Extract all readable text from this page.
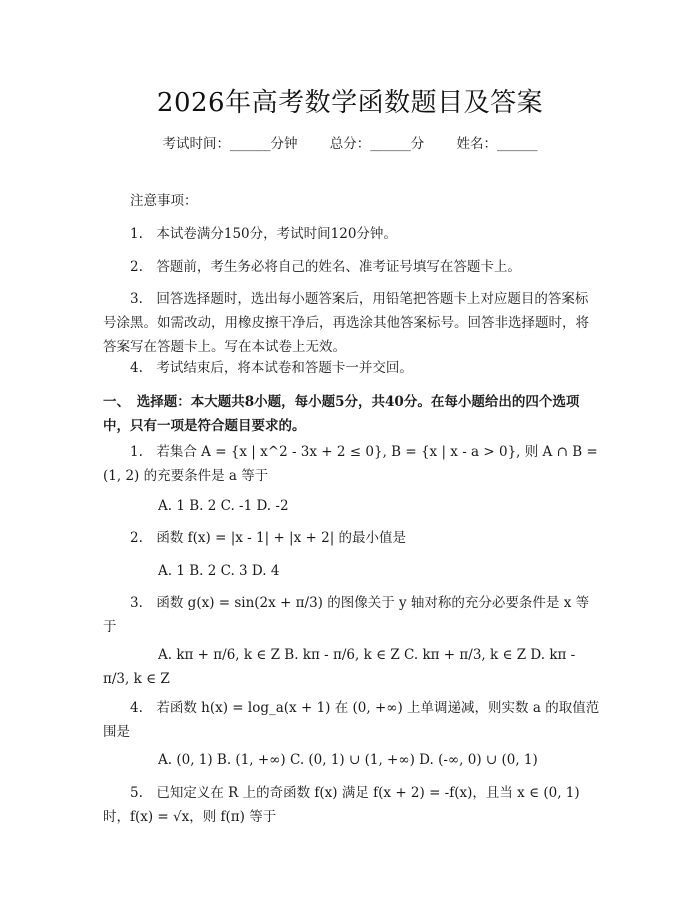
2026年高考数学函数题目及答案
考试时间：______分钟 总分：______分 姓名：______
注意事项：
1.　本试卷满分150分，考试时间120分钟。
2.　答题前，考生务必将自己的姓名、准考证号填写在答题卡上。
3.　回答选择题时，选出每小题答案后，用铅笔把答题卡上对应题目的答案标号涂黑。如需改动，用橡皮擦干净后，再选涂其他答案标号。回答非选择题时，将答案写在答题卡上。写在本试卷上无效。
4.　考试结束后，将本试卷和答题卡一并交回。
一、　选择题：本大题共8小题，每小题5分，共40分。在每小题给出的四个选项中，只有一项是符合题目要求的。
1.　若集合 A = {x | x^2 - 3x + 2 ≤ 0}, B = {x | x - a > 0}, 则 A ∩ B = (1, 2) 的充要条件是 a 等于
A. 1 B. 2 C. -1 D. -2
2.　函数 f(x) = |x - 1| + |x + 2| 的最小值是
A. 1 B. 2 C. 3 D. 4
3.　函数 g(x) = sin(2x + π/3) 的图像关于 y 轴对称的充分必要条件是 x 等于
A. kπ + π/6, k ∈ Z B. kπ - π/6, k ∈ Z C. kπ + π/3, k ∈ Z D. kπ - π/3, k ∈ Z
4.　若函数 h(x) = log_a(x + 1) 在 (0, +∞) 上单调递减，则实数 a 的取值范围是
A. (0, 1) B. (1, +∞) C. (0, 1) ∪ (1, +∞) D. (-∞, 0) ∪ (0, 1)
5.　已知定义在 R 上的奇函数 f(x) 满足 f(x + 2) = -f(x)，且当 x ∈ (0, 1) 时，f(x) = √x，则 f(π) 等于
